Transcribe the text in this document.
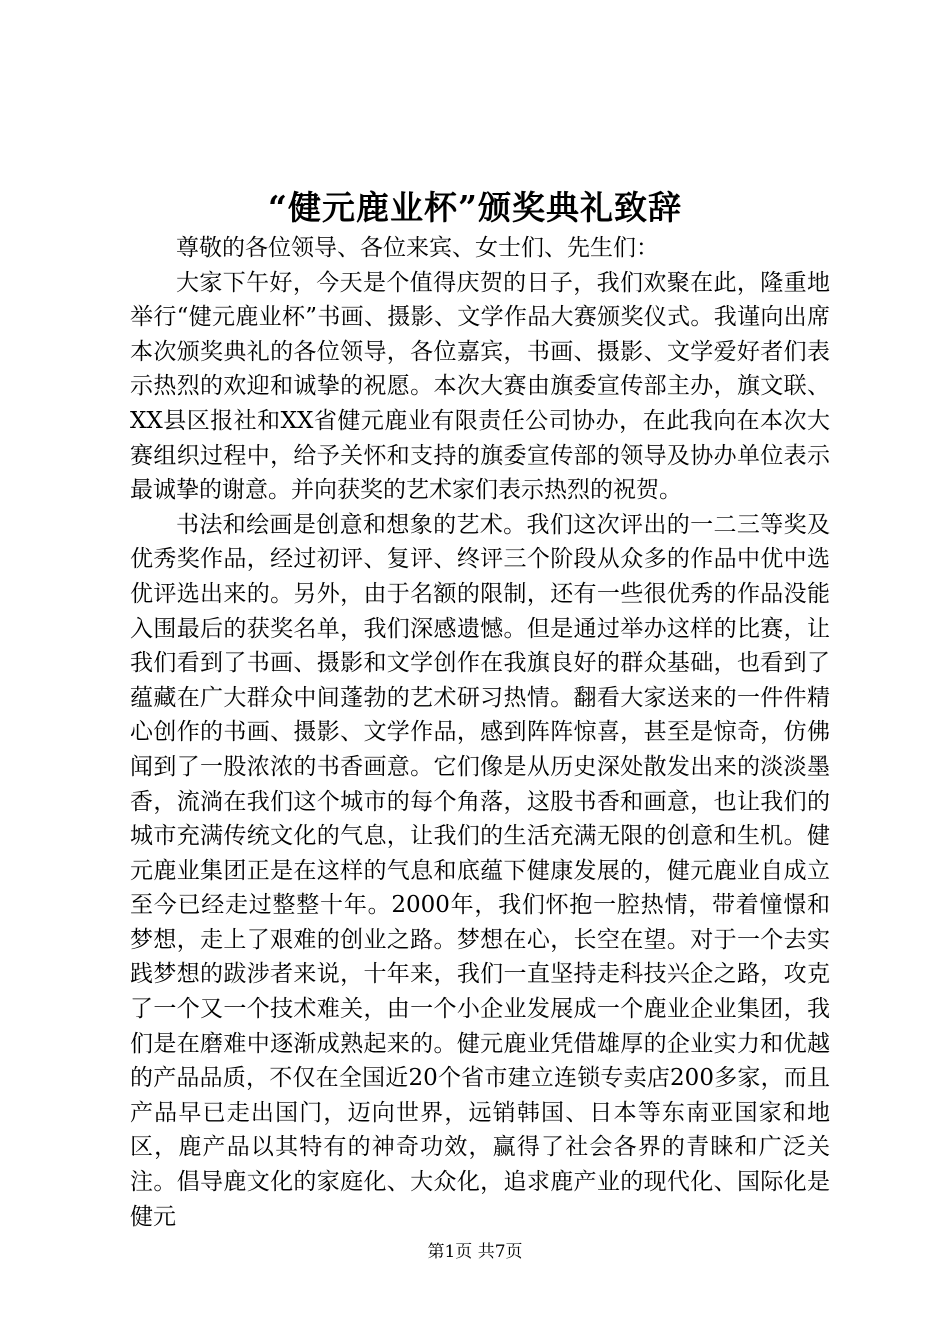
“健元鹿业杯”颁奖典礼致辞

尊敬的各位领导、各位来宾、女士们、先生们：

大家下午好，今天是个值得庆贺的日子，我们欢聚在此，隆重地举行“健元鹿业杯”书画、摄影、文学作品大赛颁奖仪式。我谨向出席本次颁奖典礼的各位领导，各位嘉宾，书画、摄影、文学爱好者们表示热烈的欢迎和诚挚的祝愿。本次大赛由旗委宣传部主办，旗文联、XX县区报社和XX省健元鹿业有限责任公司协办，在此我向在本次大赛组织过程中，给予关怀和支持的旗委宣传部的领导及协办单位表示最诚挚的谢意。并向获奖的艺术家们表示热烈的祝贺。

书法和绘画是创意和想象的艺术。我们这次评出的一二三等奖及优秀奖作品，经过初评、复评、终评三个阶段从众多的作品中优中选优评选出来的。另外，由于名额的限制，还有一些很优秀的作品没能入围最后的获奖名单，我们深感遗憾。但是通过举办这样的比赛，让我们看到了书画、摄影和文学创作在我旗良好的群众基础，也看到了蕴藏在广大群众中间蓬勃的艺术研习热情。翻看大家送来的一件件精心创作的书画、摄影、文学作品，感到阵阵惊喜，甚至是惊奇，仿佛闻到了一股浓浓的书香画意。它们像是从历史深处散发出来的淡淡墨香，流淌在我们这个城市的每个角落，这股书香和画意，也让我们的城市充满传统文化的气息，让我们的生活充满无限的创意和生机。健元鹿业集团正是在这样的气息和底蕴下健康发展的，健元鹿业自成立至今已经走过整整十年。2000年，我们怀抱一腔热情，带着憧憬和梦想，走上了艰难的创业之路。梦想在心，长空在望。对于一个去实践梦想的跋涉者来说，十年来，我们一直坚持走科技兴企之路，攻克了一个又一个技术难关，由一个小企业发展成一个鹿业企业集团，我们是在磨难中逐渐成熟起来的。健元鹿业凭借雄厚的企业实力和优越的产品品质，不仅在全国近20个省市建立连锁专卖店200多家，而且产品早已走出国门，迈向世界，远销韩国、日本等东南亚国家和地区，鹿产品以其特有的神奇功效，赢得了社会各界的青睐和广泛关注。倡导鹿文化的家庭化、大众化，追求鹿产业的现代化、国际化是健元

第1页 共7页
